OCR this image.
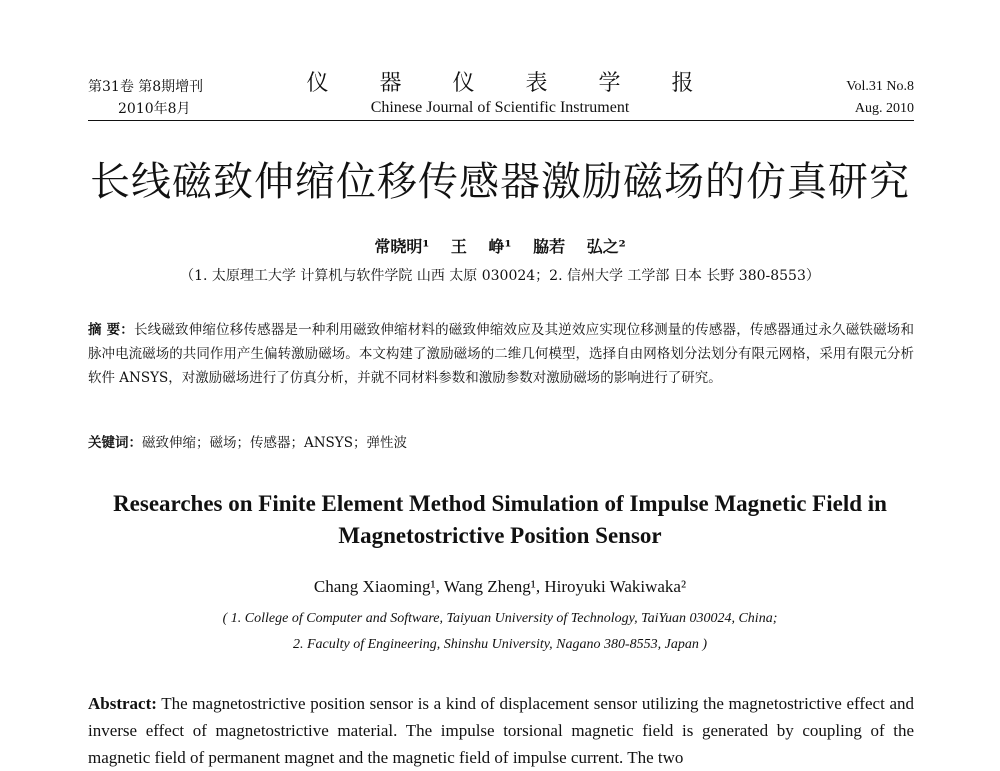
第31卷 第8期增刊
2010年8月
仪 器 仪 表 学 报
Chinese Journal of Scientific Instrument
Vol.31 No.8
Aug. 2010
长线磁致伸缩位移传感器激励磁场的仿真研究
常晓明¹ 王 峥¹ 脇若 弘之²
（1. 太原理工大学 计算机与软件学院 山西 太原 030024；2. 信州大学 工学部 日本 长野 380-8553）
摘 要：长线磁致伸缩位移传感器是一种利用磁致伸缩材料的磁致伸缩效应及其逆效应实现位移测量的传感器，传感器通过永久磁铁磁场和脉冲电流磁场的共同作用产生偏转激励磁场。本文构建了激励磁场的二维几何模型，选择自由网格划分法划分有限元网格，采用有限元分析软件 ANSYS，对激励磁场进行了仿真分析，并就不同材料参数和激励参数对激励磁场的影响进行了研究。
关键词：磁致伸缩；磁场；传感器；ANSYS；弹性波
Researches on Finite Element Method Simulation of Impulse Magnetic Field in Magnetostrictive Position Sensor
Chang Xiaoming¹, Wang Zheng¹, Hiroyuki Wakiwaka²
( 1. College of Computer and Software, Taiyuan University of Technology, TaiYuan 030024, China;
2. Faculty of Engineering, Shinshu University, Nagano 380-8553, Japan )
Abstract: The magnetostrictive position sensor is a kind of displacement sensor utilizing the magnetostrictive effect and inverse effect of magnetostrictive material. The impulse torsional magnetic field is generated by coupling of the magnetic field of permanent magnet and the magnetic field of impulse current. The two
